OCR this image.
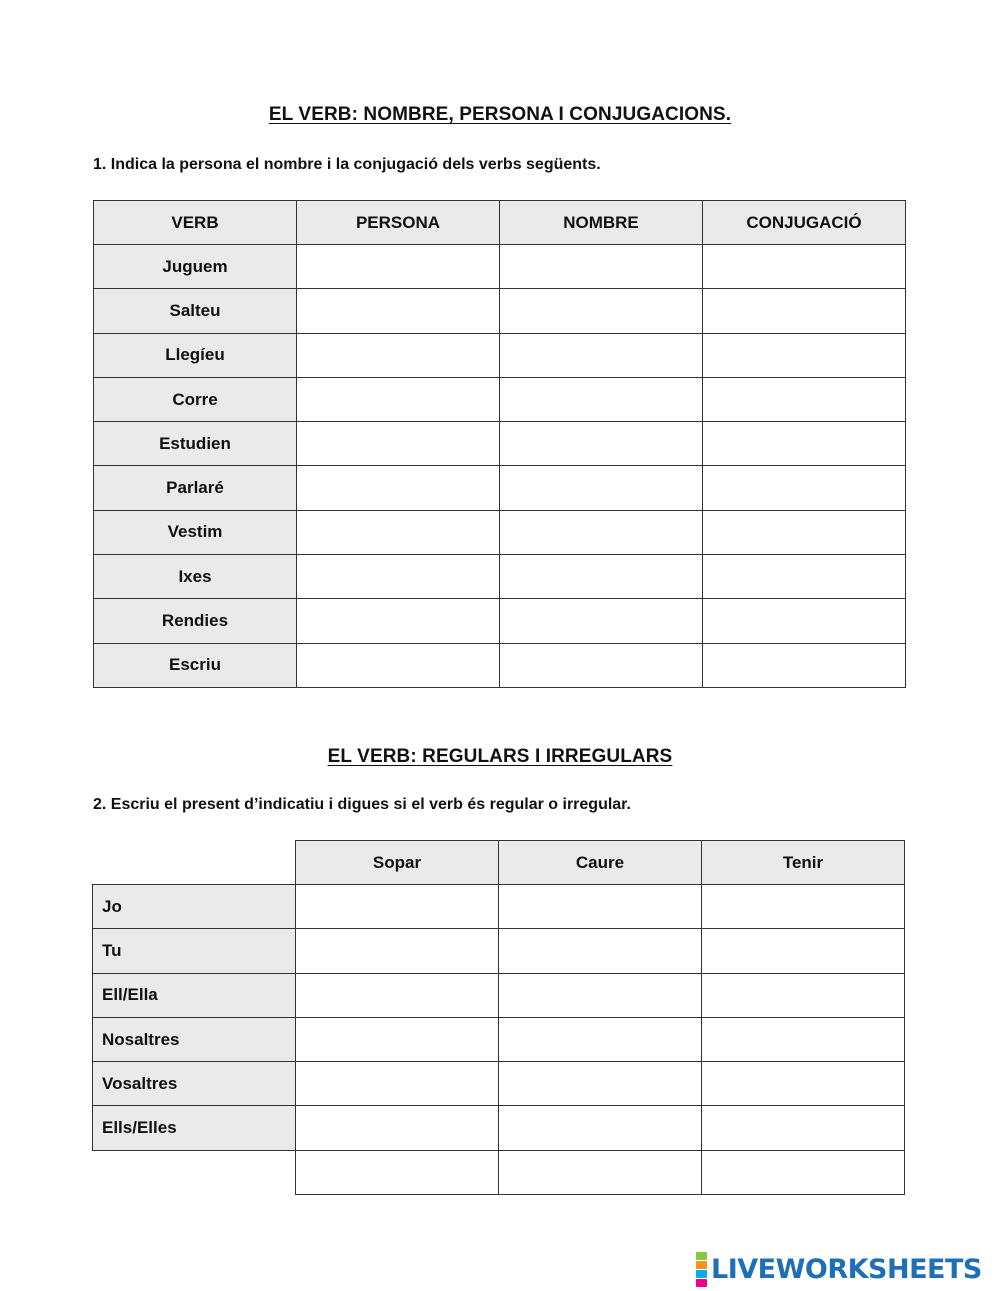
EL VERB: NOMBRE, PERSONA I CONJUGACIONS.
1. Indica la persona el nombre i la conjugació dels verbs següents.
VERB	PERSONA	NOMBRE	CONJUGACIÓ
Juguem			
Salteu			
Llegíeu			
Corre			
Estudien			
Parlaré			
Vestim			
Ixes			
Rendies			
Escriu			
EL VERB: REGULARS I IRREGULARS
2. Escriu el present d’indicatiu i digues si el verb és regular o irregular.
	Sopar	Caure	Tenir
Jo			
Tu			
Ell/Ella			
Nosaltres			
Vosaltres			
Ells/Elles			

LIVEWORKSHEETS
